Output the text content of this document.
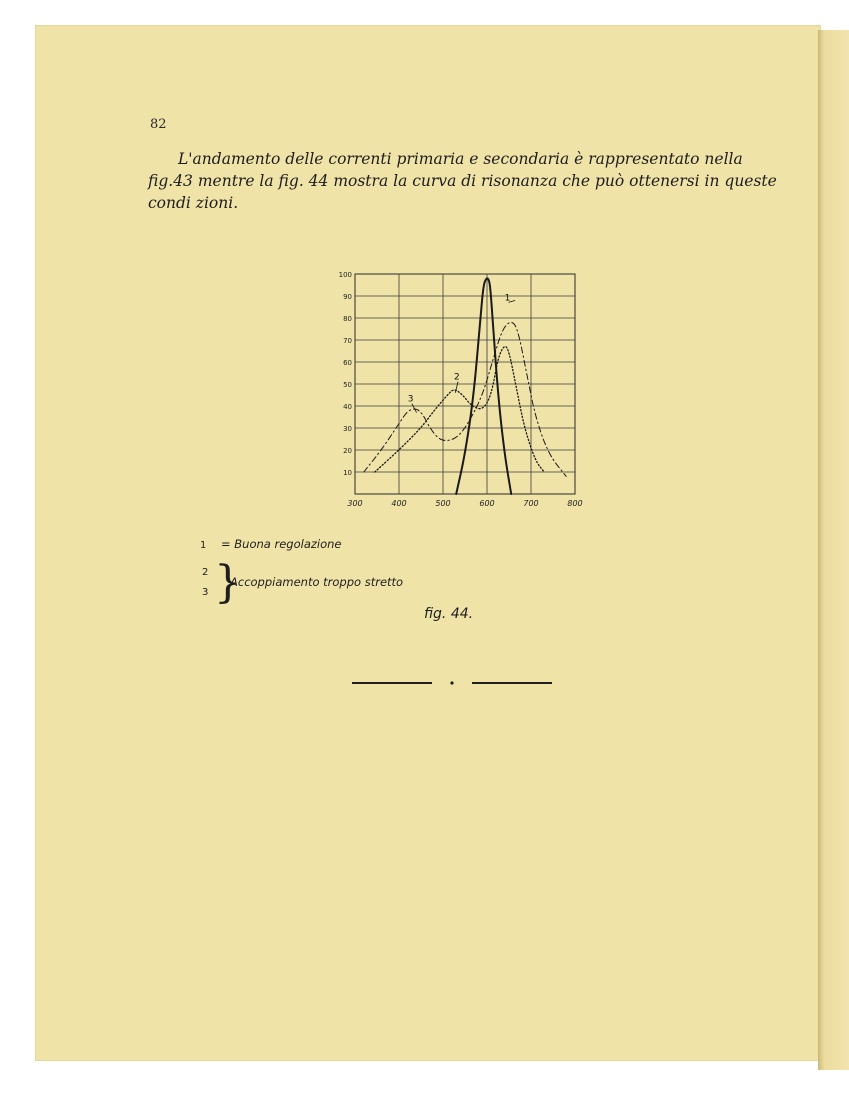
82
L'andamento delle correnti primaria e secondaria è rappresentato nella fig.43 mentre la fig. 44 mostra la curva di risonanza che può ottenersi in queste condi zioni.
10
20
30
40
50
60
70
80
90
100
300	400	500	600	700	800
1
2
3
1 = Buona regolazione
2
3 }
Accoppiamento troppo stretto
fig. 44.
